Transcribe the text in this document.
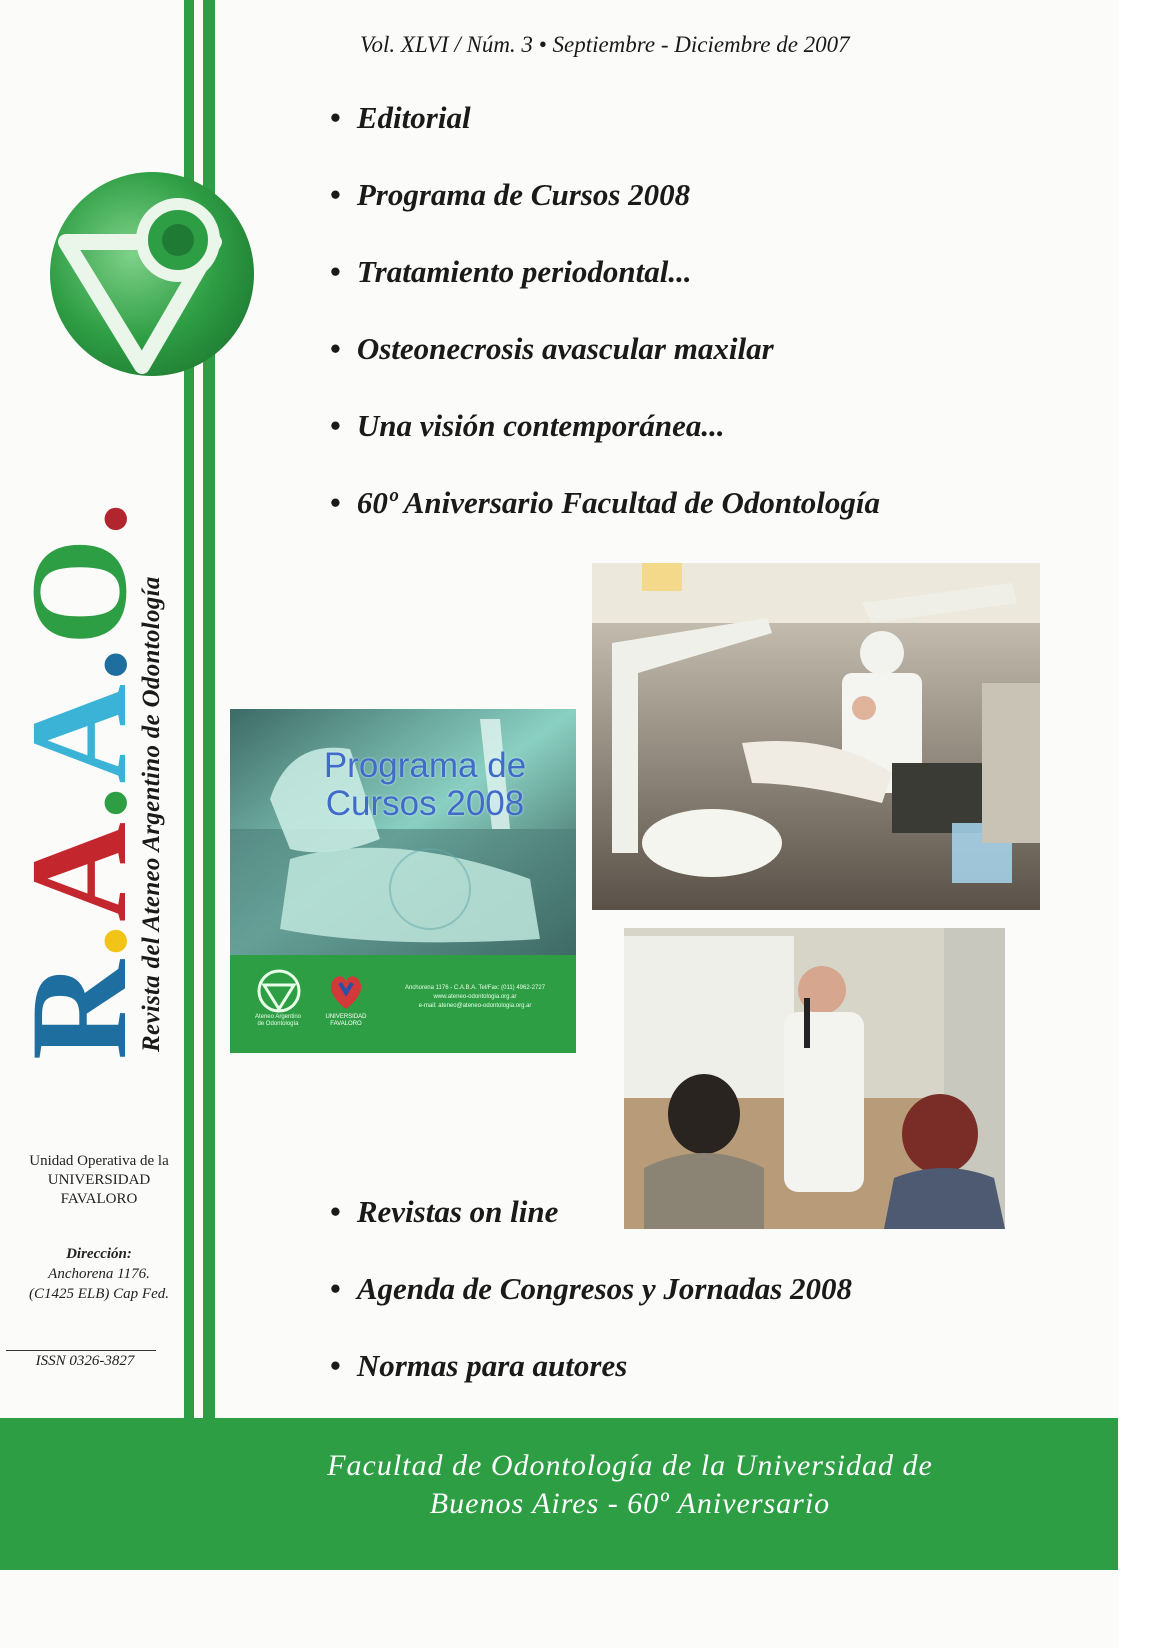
R.A.A.O.
Revista del Ateneo Argentino de Odontología
Unidad Operativa de la
UNIVERSIDAD
FAVALORO
Dirección:
Anchorena 1176.
(C1425 ELB) Cap Fed.
ISSN 0326-3827
Vol. XLVI / Núm. 3 • Septiembre - Diciembre de 2007
• Editorial
• Programa de Cursos 2008
• Tratamiento periodontal...
• Osteonecrosis avascular maxilar
• Una visión contemporánea...
• 60º Aniversario Facultad de Odontología
Programa de
Cursos 2008
Ateneo Argentino
de Odontología
UNIVERSIDAD
FAVALORO
Anchorena 1176 - C.A.B.A. Tel/Fax: (011) 4962-2727
www.ateneo-odontologia.org.ar
e-mail: ateneo@ateneo-odontologia.org.ar
• Revistas on line
• Agenda de Congresos y Jornadas 2008
• Normas para autores
Facultad de Odontología de la Universidad de
Buenos Aires - 60º Aniversario
